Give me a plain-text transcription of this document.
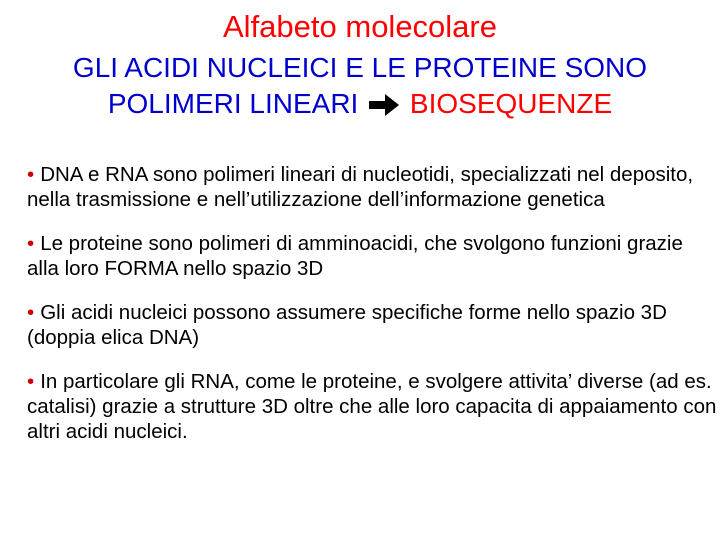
Alfabeto molecolare
GLI ACIDI NUCLEICI E LE PROTEINE SONO
POLIMERI LINEARI BIOSEQUENZE
• DNA e RNA sono polimeri lineari di nucleotidi, specializzati nel deposito, nella trasmissione e nell’utilizzazione dell’informazione genetica
• Le proteine sono polimeri di amminoacidi, che svolgono funzioni grazie alla loro FORMA nello spazio 3D
• Gli acidi nucleici possono assumere specifiche forme nello spazio 3D (doppia elica DNA)
• In particolare gli RNA, come le proteine, e svolgere attivita’ diverse (ad es. catalisi) grazie a strutture 3D oltre che alle loro capacita di appaiamento con altri acidi nucleici.
